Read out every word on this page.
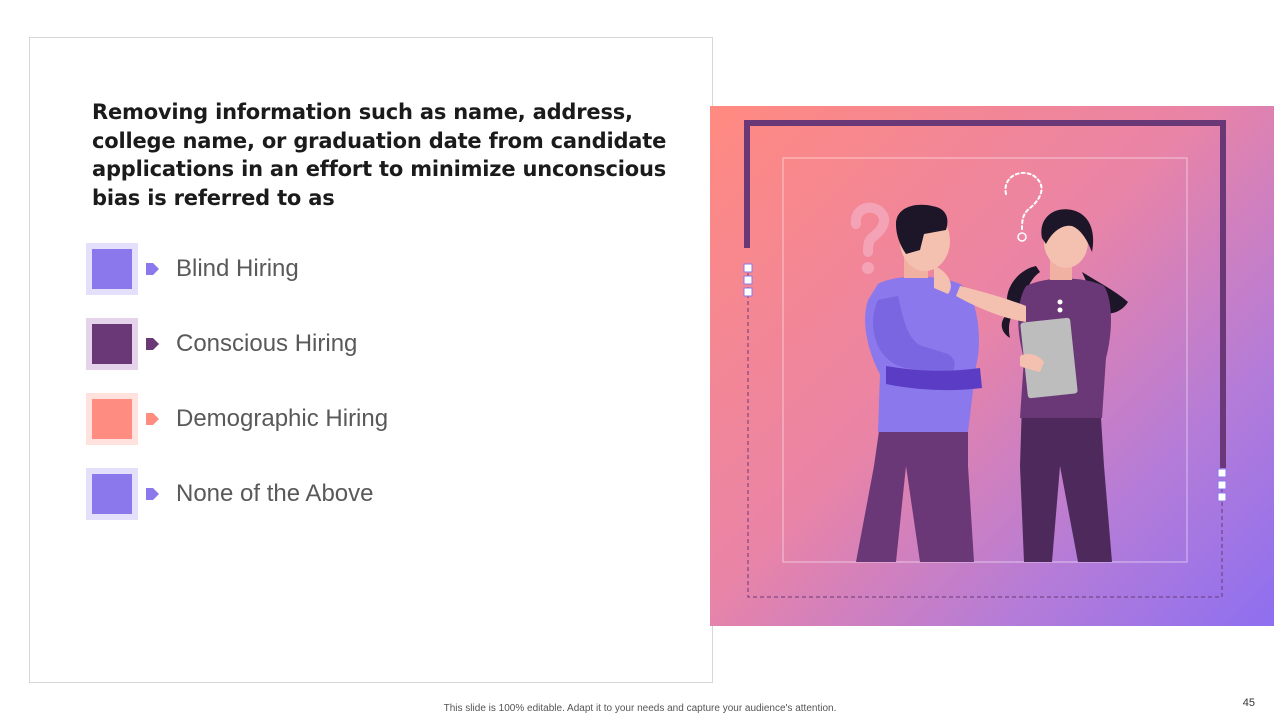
Removing information such as name, address, college name, or graduation date from candidate applications in an effort to minimize unconscious bias is referred to as
Blind Hiring
Conscious Hiring
Demographic Hiring
None of the Above
This slide is 100% editable. Adapt it to your needs and capture your audience's attention.	45
